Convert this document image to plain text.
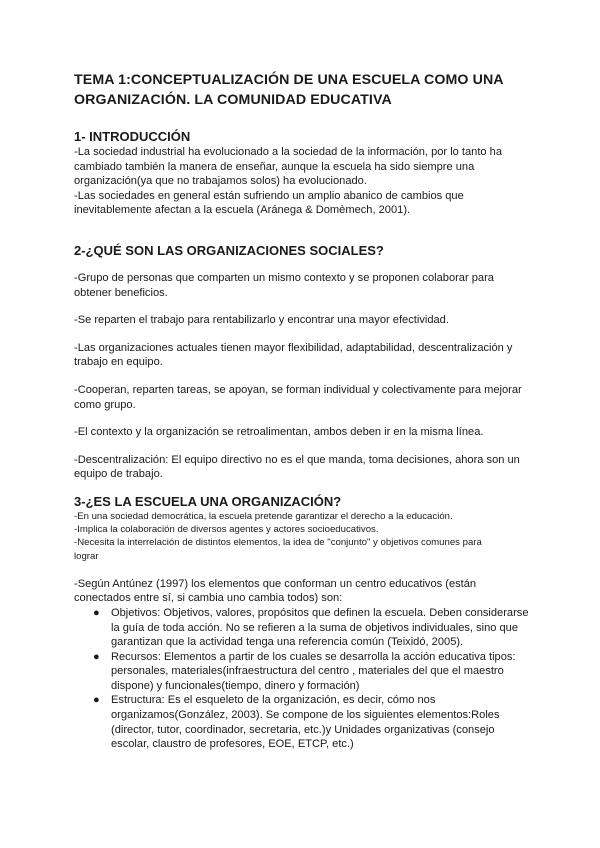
TEMA 1:CONCEPTUALIZACIÓN DE UNA ESCUELA COMO UNA ORGANIZACIÓN. LA COMUNIDAD EDUCATIVA
1- INTRODUCCIÓN
-La sociedad industrial ha evolucionado a la sociedad de la información, por lo tanto ha
cambiado también la manera de enseñar, aunque la escuela ha sido siempre una
organización(ya que no trabajamos solos) ha evolucionado.
-Las sociedades en general están sufriendo un amplio abanico de cambios que
inevitablemente afectan a la escuela (Aránega & Domèmech, 2001).
2-¿QUÉ SON LAS ORGANIZACIONES SOCIALES?
-Grupo de personas que comparten un mismo contexto y se proponen colaborar para
obtener beneficios.
-Se reparten el trabajo para rentabilizarlo y encontrar una mayor efectividad.
-Las organizaciones actuales tienen mayor flexibilidad, adaptabilidad, descentralización y
trabajo en equipo.
-Cooperan, reparten tareas, se apoyan, se forman individual y colectivamente para mejorar
como grupo.
-El contexto y la organización se retroalimentan, ambos deben ir en la misma línea.
-Descentralización: El equipo directivo no es el que manda, toma decisiones, ahora son un
equipo de trabajo.
3-¿ES LA ESCUELA UNA ORGANIZACIÓN?
-En una sociedad democrática, la escuela pretende garantizar el derecho a la educación.
-Implica la colaboración de diversos agentes y actores socioeducativos.
-Necesita la interrelación de distintos elementos, la idea de "conjunto" y objetivos comunes para
lograr
-Según Antúnez (1997) los elementos que conforman un centro educativos (están
conectados entre sí, si cambia uno cambia todos) son:
● Objetivos: Objetivos, valores, propósitos que definen la escuela. Deben considerarse
la guía de toda acción. No se refieren a la suma de objetivos individuales, sino que
garantizan que la actividad tenga una referencia común (Teixidó, 2005).
● Recursos: Elementos a partir de los cuales se desarrolla la acción educativa tipos:
personales, materiales(infraestructura del centro , materiales del que el maestro
dispone) y funcionales(tiempo, dinero y formación)
● Estructura: Es el esqueleto de la organización, es decir, cómo nos
organizamos(González, 2003). Se compone de los siguientes elementos:Roles
(director, tutor, coordinador, secretaria, etc.)y Unidades organizativas (consejo
escolar, claustro de profesores, EOE, ETCP, etc.)
